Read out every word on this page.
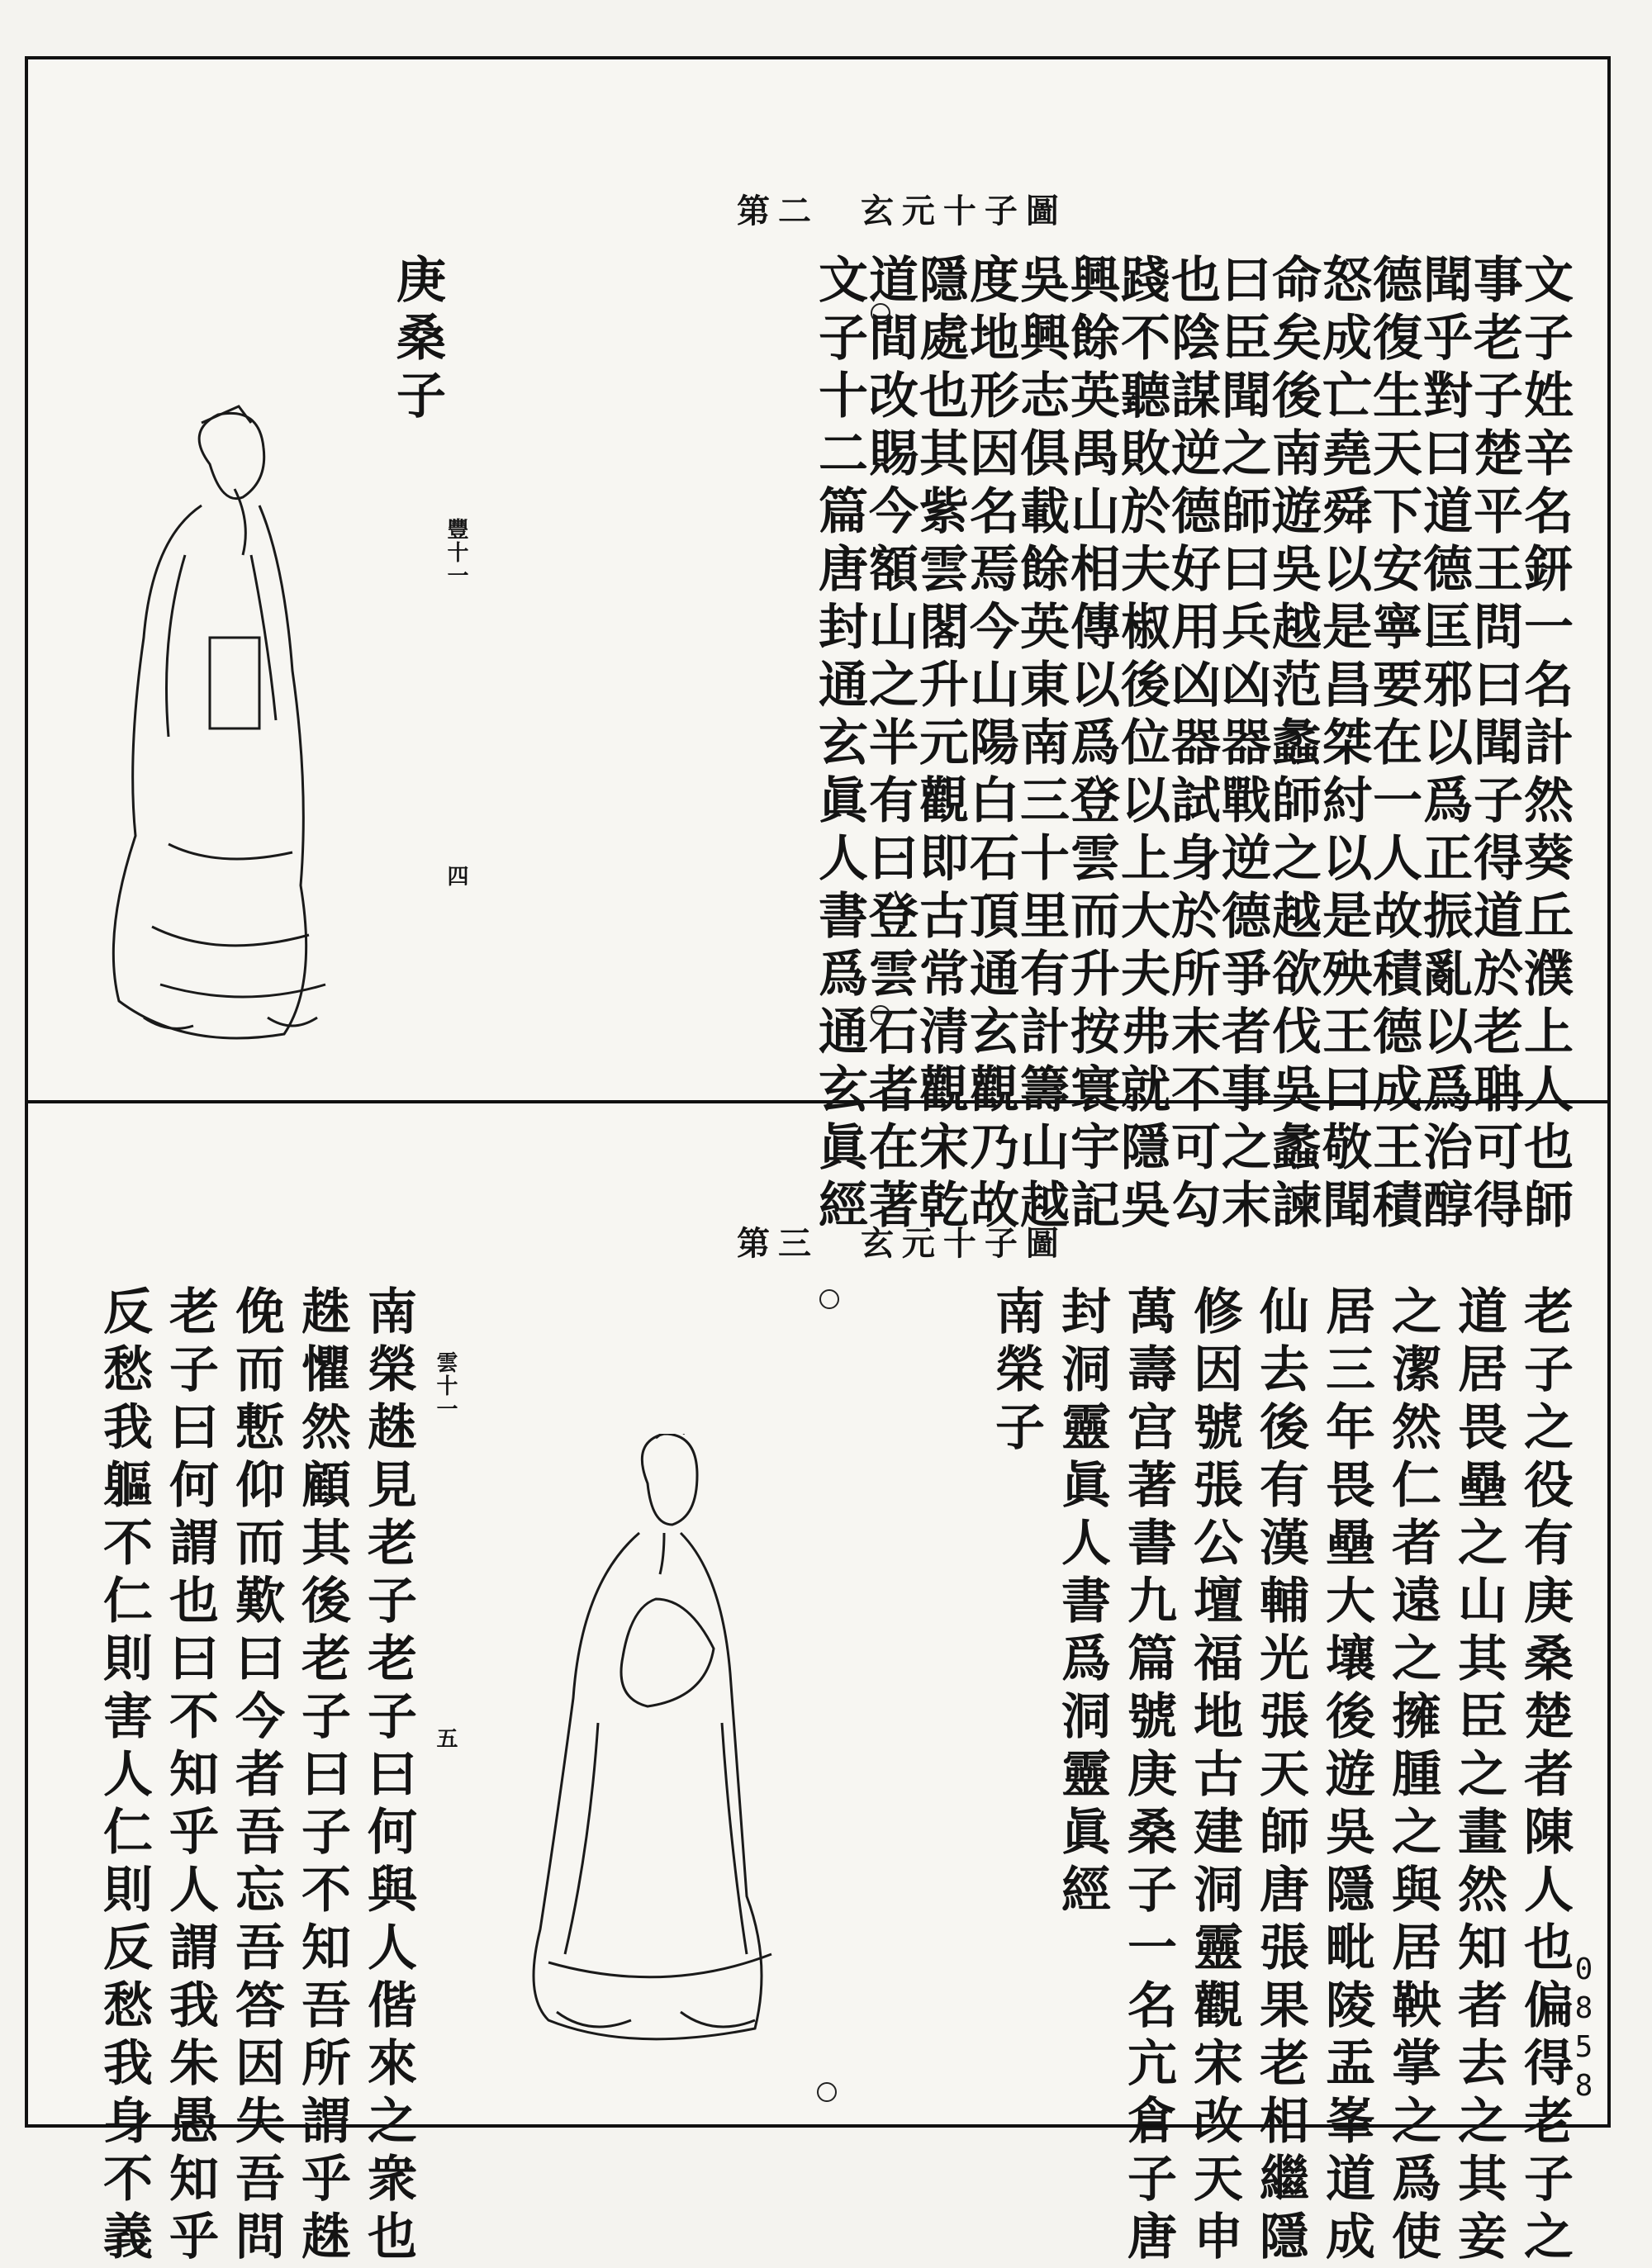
第二 玄元十子圖
文子姓辛名鈃一名計然葵丘濮上人也師
事老子楚平王問曰聞子得道於老聃可得
聞乎對曰道德匡邪以爲正振亂以爲治醇
德復生天下安寧要在一人故積德成王積
怒成亡堯舜以是昌桀紂以是殃王曰敬聞
命矣後南遊吳越范蠡師之越欲伐吳蠡諫
曰臣聞之師曰兵凶器戰逆德爭者事之末
也陰謀逆德好用凶器試身於所末不可勾
踐不聽敗於夫椒後位以上大夫弗就隱吳
興餘英禺山相傳以爲登雲而升按寰宇記
吳興志俱載餘英東南三十里有計籌山越
度地形因名焉今山陽白石頂通玄觀乃故
隱處也其紫雲閣升元觀即古常清觀宋乾
道間改賜今額山之半有曰登雲石者在著
文子十二篇唐封通玄眞人書爲通玄眞經
庚桑子
豐十一
四
第三 玄元十子圖
老子之役有庚桑楚者陳人也偏得老子之
道居畏壘之山其臣之畫然知者去之其妾
之潔然仁者遠之擁腫之與居鞅掌之爲使
居三年畏壘大壤後遊吳隱毗陵盂峯道成
仙去後有漢輔光張天師唐張果老相繼隱
修因號張公壇福地古建洞靈觀宋改天申
萬壽宫著書九篇號庚桑子一名亢倉子唐
封洞靈眞人書爲洞靈眞經
南榮子
南榮趎見老子老子曰何與人偕來之衆也
趎懼然顧其後老子曰子不知吾所謂乎趎
俛而慙仰而歎曰今者吾忘吾答因失吾問
老子曰何謂也曰不知乎人謂我朱愚知乎
反愁我軀不仁則害人仁則反愁我身不義	雲十一
五
0858
